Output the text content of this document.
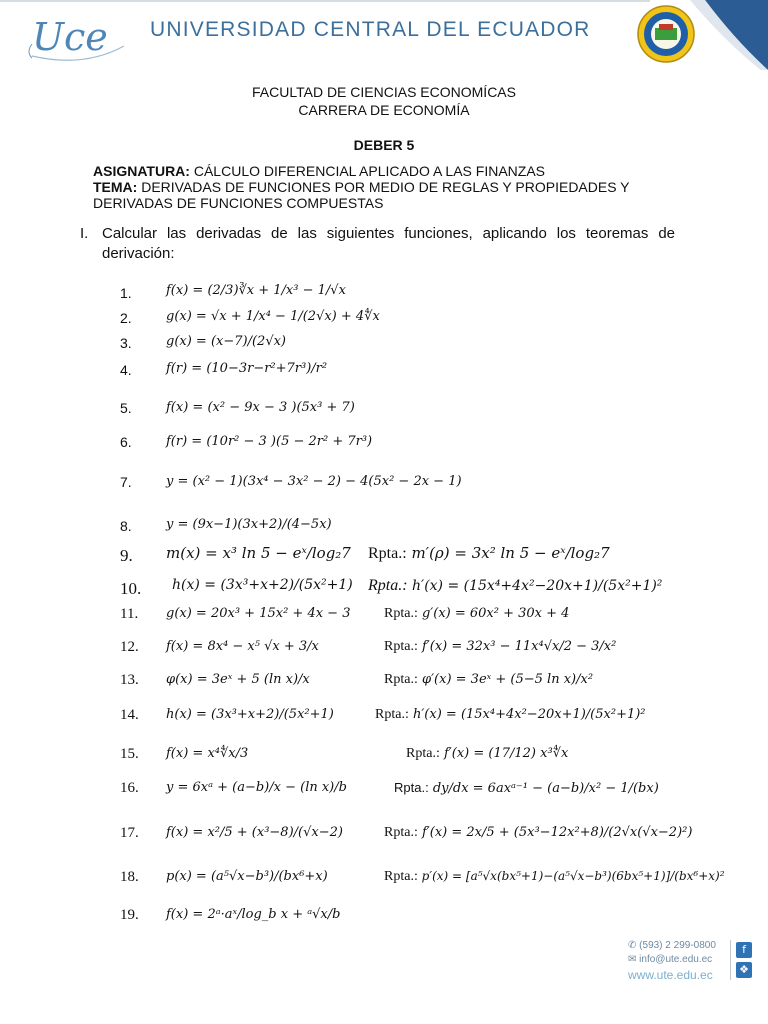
Uce UNIVERSIDAD CENTRAL DEL ECUADOR
FACULTAD DE CIENCIAS ECONOMÍCAS
CARRERA DE ECONOMÍA
DEBER 5
ASIGNATURA: CÁLCULO DIFERENCIAL APLICADO A LAS FINANZAS
TEMA: DERIVADAS DE FUNCIONES POR MEDIO DE REGLAS Y PROPIEDADES Y
DERIVADAS DE FUNCIONES COMPUESTAS
I. Calcular las derivadas de las siguientes funciones, aplicando los teoremas de derivación:
1.	f(x) = (2/3)∛x + 1/x³ − 1/√x
2.	g(x) = √x + 1/x⁴ − 1/(2√x) + 4∜x
3.	g(x) = (x−7)/(2√x)
4.	f(r) = (10−3r−r²+7r³)/r²
5.	f(x) = (x² − 9x − 3 )(5x³ + 7)
6.	f(r) = (10r² − 3 )(5 − 2r² + 7r³)
7.	y = (x² − 1)(3x⁴ − 3x² − 2) − 4(5x² − 2x − 1)
8.	y = (9x−1)(3x+2)/(4−5x)
9. m(x) = x³ ln 5 − eˣ/log₂7 Rpta.: m′(ρ) = 3x² ln 5 − eˣ/log₂7
10. h(x) = (3x³+x+2)/(5x²+1) Rpta.: h′(x) = (15x⁴+4x²−20x+1)/(5x²+1)²
11. g(x) = 20x³ + 15x² + 4x − 3 Rpta.: g′(x) = 60x² + 30x + 4
12. f(x) = 8x⁴ − x⁵ √x + 3/x	Rpta.: f′(x) = 32x³ − 11x⁴√x/2 − 3/x²
13. φ(x) = 3eˣ + 5 (ln x)/x	Rpta.: φ′(x) = 3eˣ + (5−5 ln x)/x²
14. h(x) = (3x³+x+2)/(5x²+1)	Rpta.: h′(x) = (15x⁴+4x²−20x+1)/(5x²+1)²
15. f(x) = x⁴∜x/3	Rpta.: f′(x) = (17/12) x³∜x
16. y = 6xᵃ + (a−b)/x − (ln x)/b	Rpta.: dy/dx = 6axᵃ⁻¹ − (a−b)/x² − 1/(bx)
17. f(x) = x²/5 + (x³−8)/(√x−2)	Rpta.: f′(x) = 2x/5 + (5x³−12x²+8)/(2√x(√x−2)²)
18. p(x) = (a⁵√x−b³)/(bx⁶+x)	Rpta.: p′(x) = [a⁵√x(bx⁵+1)−(a⁵√x−b³)(6bx⁵+1)]/(bx⁶+x)²
19. f(x) = 2ᵃ·aˣ/log_b x + ᵃ√x/b
✆ (593) 2 299-0800
✉ info@ute.edu.ec
www.ute.edu.ec
f
❖
